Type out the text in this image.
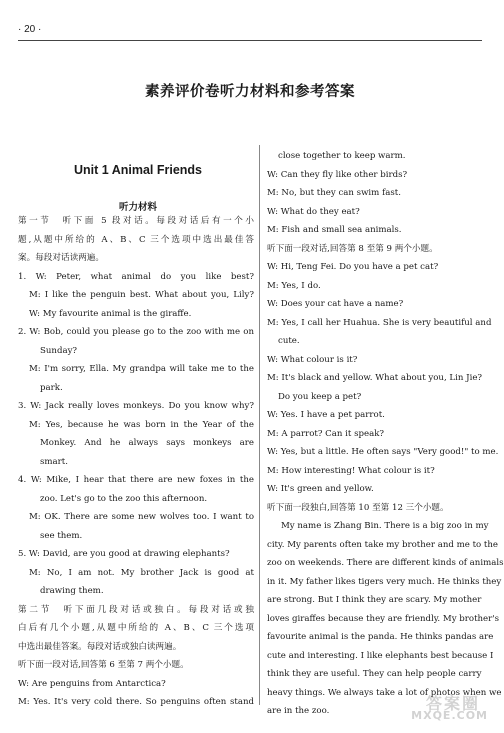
· 20 ·
素养评价卷听力材料和参考答案
Unit 1 Animal Friends
听力材料
第一节　听下面 5 段对话。每段对话后有一个小
题,从题中所给的 A、B、C 三个选项中选出最佳答
案。每段对话读两遍。
1. W: Peter, what animal do you like best?
M: I like the penguin best. What about you, Lily?
W: My favourite animal is the giraffe.
2. W: Bob, could you please go to the zoo with me on
Sunday?
M: I'm sorry, Ella. My grandpa will take me to the
park.
3. W: Jack really loves monkeys. Do you know why?
M: Yes, because he was born in the Year of the
Monkey. And he always says monkeys are
smart.
4. W: Mike, I hear that there are new foxes in the
zoo. Let's go to the zoo this afternoon.
M: OK. There are some new wolves too. I want to
see them.
5. W: David, are you good at drawing elephants?
M: No, I am not. My brother Jack is good at
drawing them.
第二节　听下面几段对话或独白。每段对话或独
白后有几个小题,从题中所给的 A、B、C 三个选项
中选出最佳答案。每段对话或独白读两遍。
听下面一段对话,回答第 6 至第 7 两个小题。
W: Are penguins from Antarctica?
M: Yes. It's very cold there. So penguins often stand
close together to keep warm.
W: Can they fly like other birds?
M: No, but they can swim fast.
W: What do they eat?
M: Fish and small sea animals.
听下面一段对话,回答第 8 至第 9 两个小题。
W: Hi, Teng Fei. Do you have a pet cat?
M: Yes, I do.
W: Does your cat have a name?
M: Yes, I call her Huahua. She is very beautiful and
cute.
W: What colour is it?
M: It's black and yellow. What about you, Lin Jie?
Do you keep a pet?
W: Yes. I have a pet parrot.
M: A parrot? Can it speak?
W: Yes, but a little. He often says "Very good!" to me.
M: How interesting! What colour is it?
W: It's green and yellow.
听下面一段独白,回答第 10 至第 12 三个小题。
My name is Zhang Bin. There is a big zoo in my
city. My parents often take my brother and me to the
zoo on weekends. There are different kinds of animals
in it. My father likes tigers very much. He thinks they
are strong. But I think they are scary. My mother
loves giraffes because they are friendly. My brother's
favourite animal is the panda. He thinks pandas are
cute and interesting. I like elephants best because I
think they are useful. They can help people carry
heavy things. We always take a lot of photos when we
are in the zoo.	答案圈
MXQE.COM
